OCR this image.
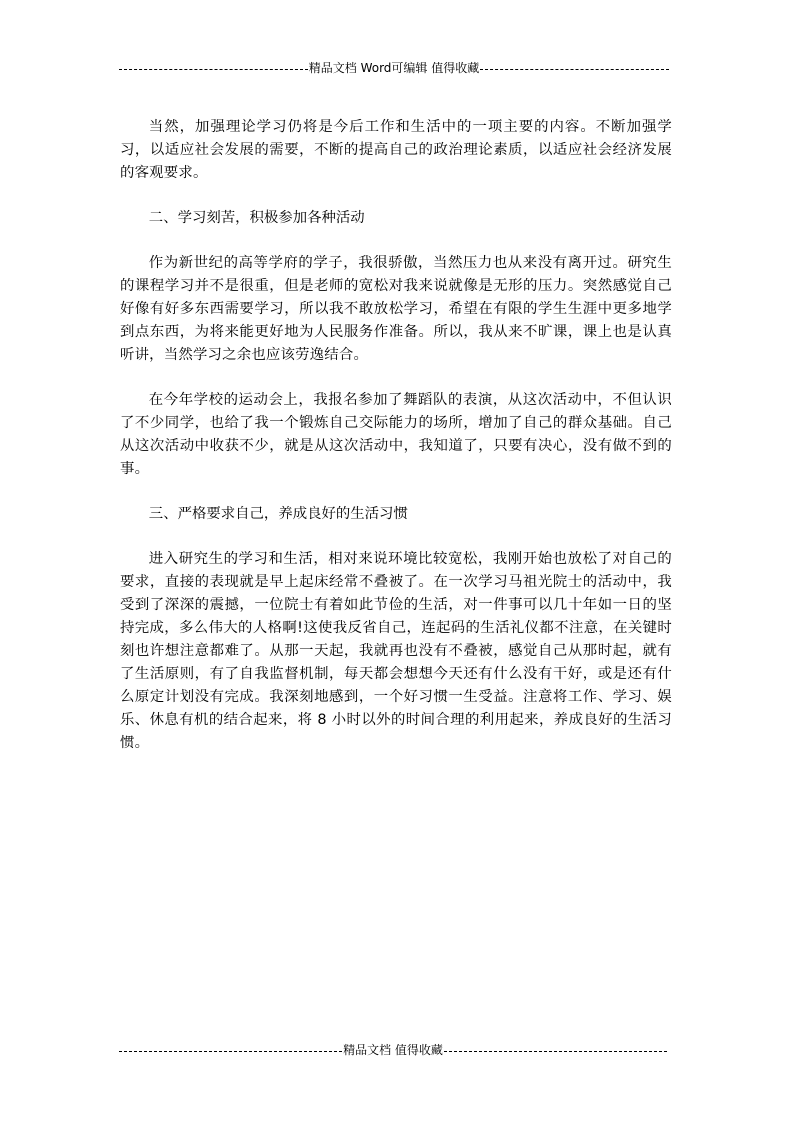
精品文档 Word可编辑 值得收藏

当然，加强理论学习仍将是今后工作和生活中的一项主要的内容。不断加强学习，以适应社会发展的需要，不断的提高自己的政治理论素质，以适应社会经济发展的客观要求。

二、学习刻苦，积极参加各种活动

作为新世纪的高等学府的学子，我很骄傲，当然压力也从来没有离开过。研究生的课程学习并不是很重，但是老师的宽松对我来说就像是无形的压力。突然感觉自己好像有好多东西需要学习，所以我不敢放松学习，希望在有限的学生生涯中更多地学到点东西，为将来能更好地为人民服务作准备。所以，我从来不旷课，课上也是认真听讲，当然学习之余也应该劳逸结合。

在今年学校的运动会上，我报名参加了舞蹈队的表演，从这次活动中，不但认识了不少同学，也给了我一个锻炼自己交际能力的场所，增加了自己的群众基础。自己从这次活动中收获不少，就是从这次活动中，我知道了，只要有决心，没有做不到的事。

三、严格要求自己，养成良好的生活习惯

进入研究生的学习和生活，相对来说环境比较宽松，我刚开始也放松了对自己的要求，直接的表现就是早上起床经常不叠被了。在一次学习马祖光院士的活动中，我受到了深深的震撼，一位院士有着如此节俭的生活，对一件事可以几十年如一日的坚持完成，多么伟大的人格啊!这使我反省自己，连起码的生活礼仪都不注意，在关键时刻也许想注意都难了。从那一天起，我就再也没有不叠被，感觉自己从那时起，就有了生活原则，有了自我监督机制，每天都会想想今天还有什么没有干好，或是还有什么原定计划没有完成。我深刻地感到，一个好习惯一生受益。注意将工作、学习、娱乐、休息有机的结合起来，将 8 小时以外的时间合理的利用起来，养成良好的生活习惯。

精品文档 值得收藏
